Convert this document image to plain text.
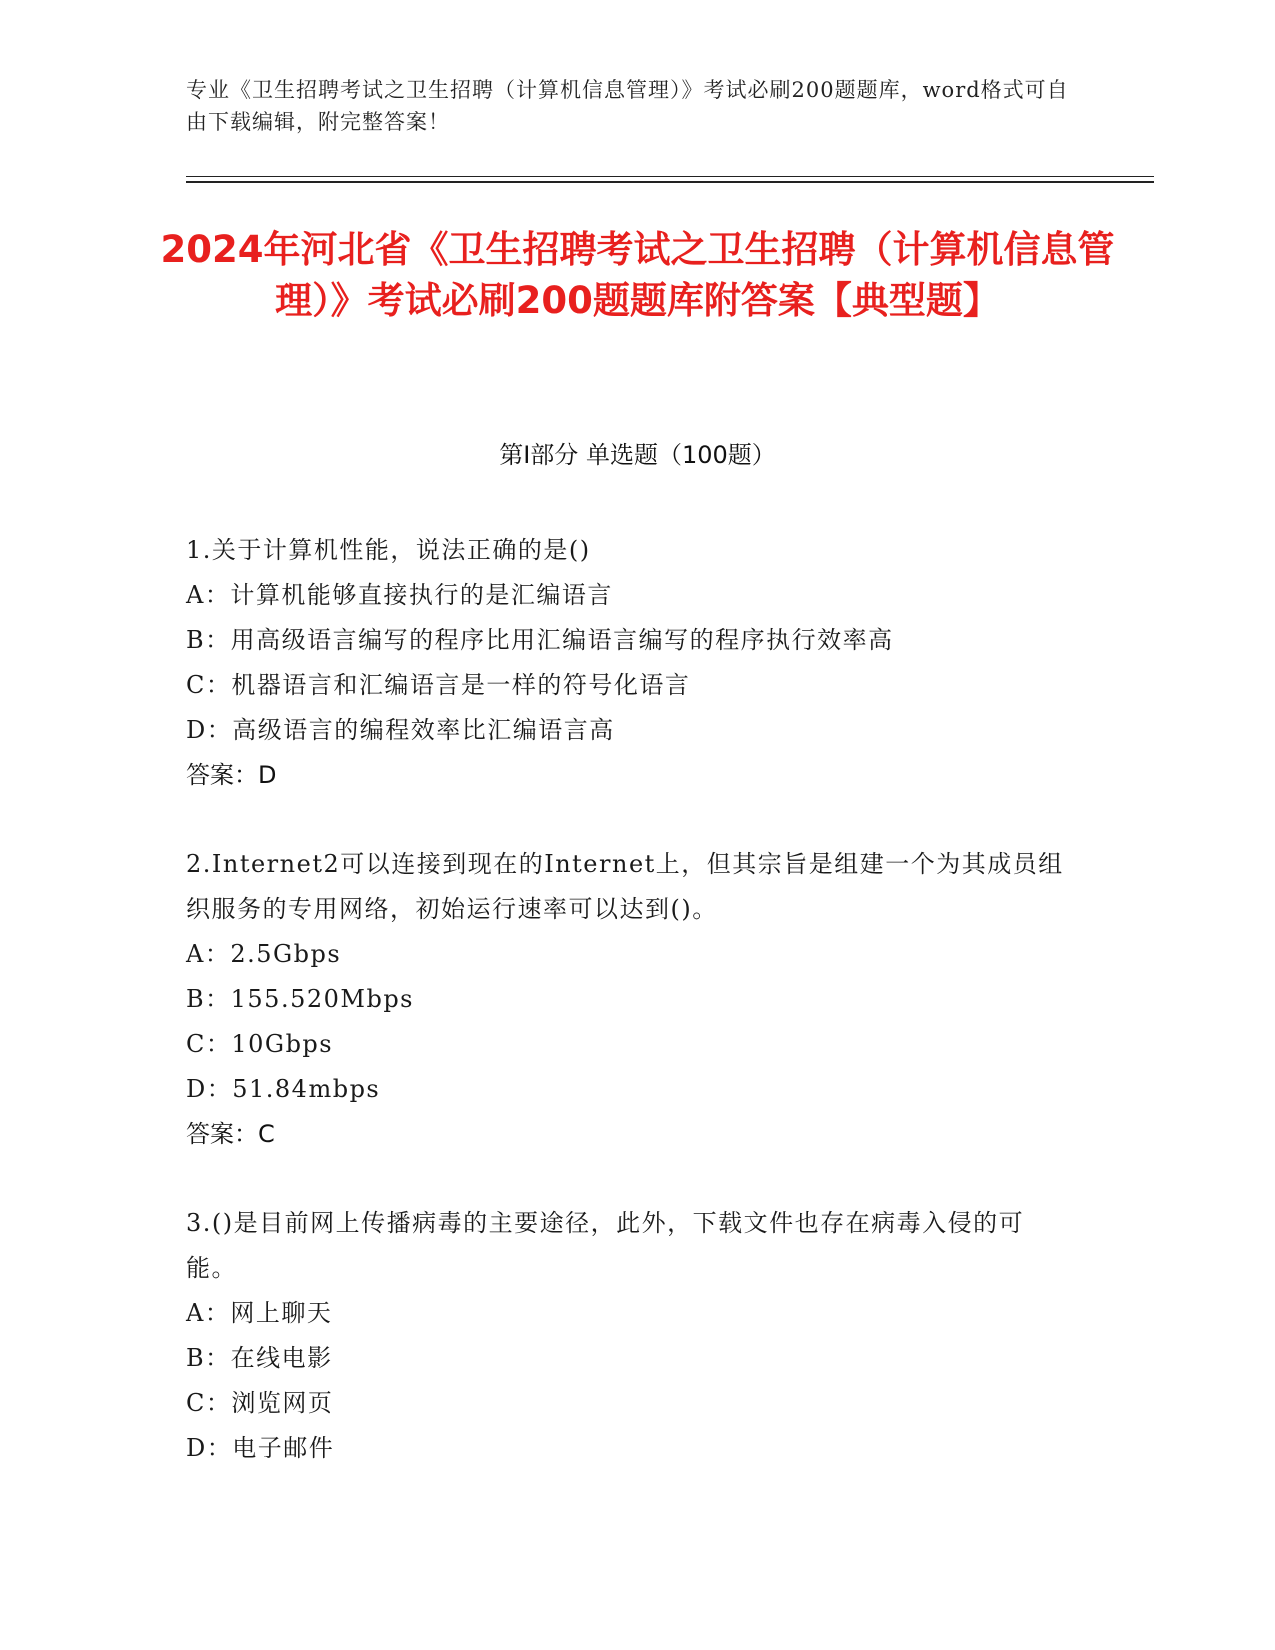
专业《卫生招聘考试之卫生招聘（计算机信息管理）》考试必刷200题题库，word格式可自由下载编辑，附完整答案！
2024年河北省《卫生招聘考试之卫生招聘（计算机信息管理）》考试必刷200题题库附答案【典型题】
第Ⅰ部分 单选题（100题）

1.关于计算机性能，说法正确的是()

A：计算机能够直接执行的是汇编语言

B：用高级语言编写的程序比用汇编语言编写的程序执行效率高

C：机器语言和汇编语言是一样的符号化语言

D：高级语言的编程效率比汇编语言高

答案：D

2.Internet2可以连接到现在的Internet上，但其宗旨是组建一个为其成员组织服务的专用网络，初始运行速率可以达到()。

A：2.5Gbps

B：155.520Mbps

C：10Gbps

D：51.84mbps

答案：C

3.()是目前网上传播病毒的主要途径，此外，下载文件也存在病毒入侵的可能。

A：网上聊天

B：在线电影

C：浏览网页

D：电子邮件
